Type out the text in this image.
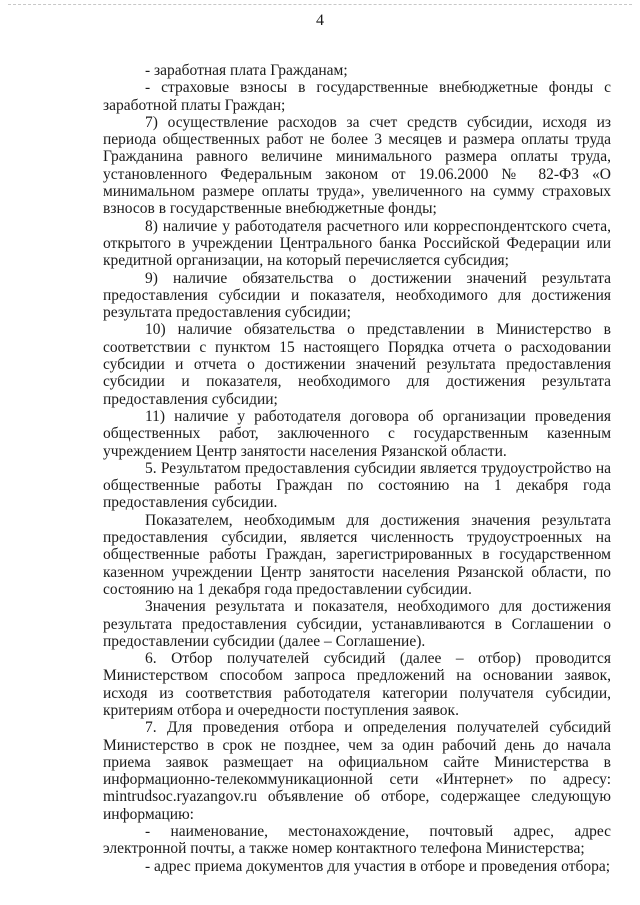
4

- заработная плата Гражданам;

- страховые взносы в государственные внебюджетные фонды с заработной платы Граждан;

7) осуществление расходов за счет средств субсидии, исходя из периода общественных работ не более 3 месяцев и размера оплаты труда Гражданина равного величине минимального размера оплаты труда, установленного Федеральным законом от 19.06.2000 № 82-ФЗ «О минимальном размере оплаты труда», увеличенного на сумму страховых взносов в государственные внебюджетные фонды;

8) наличие у работодателя расчетного или корреспондентского счета, открытого в учреждении Центрального банка Российской Федерации или кредитной организации, на который перечисляется субсидия;

9) наличие обязательства о достижении значений результата предоставления субсидии и показателя, необходимого для достижения результата предоставления субсидии;

10) наличие обязательства о представлении в Министерство в соответствии с пунктом 15 настоящего Порядка отчета о расходовании субсидии и отчета о достижении значений результата предоставления субсидии и показателя, необходимого для достижения результата предоставления субсидии;

11) наличие у работодателя договора об организации проведения общественных работ, заключенного с государственным казенным учреждением Центр занятости населения Рязанской области.

5. Результатом предоставления субсидии является трудоустройство на общественные работы Граждан по состоянию на 1 декабря года предоставления субсидии.

Показателем, необходимым для достижения значения результата предоставления субсидии, является численность трудоустроенных на общественные работы Граждан, зарегистрированных в государственном казенном учреждении Центр занятости населения Рязанской области, по состоянию на 1 декабря года предоставлении субсидии.

Значения результата и показателя, необходимого для достижения результата предоставления субсидии, устанавливаются в Соглашении о предоставлении субсидии (далее – Соглашение).

6. Отбор получателей субсидий (далее – отбор) проводится Министерством способом запроса предложений на основании заявок, исходя из соответствия работодателя категории получателя субсидии, критериям отбора и очередности поступления заявок.

7. Для проведения отбора и определения получателей субсидий Министерство в срок не позднее, чем за один рабочий день до начала приема заявок размещает на официальном сайте Министерства в информационно-телекоммуникационной сети «Интернет» по адресу: mintrudsoc.ryazangov.ru объявление об отборе, содержащее следующую информацию:

- наименование, местонахождение, почтовый адрес, адрес электронной почты, а также номер контактного телефона Министерства;

- адрес приема документов для участия в отборе и проведения отбора;
